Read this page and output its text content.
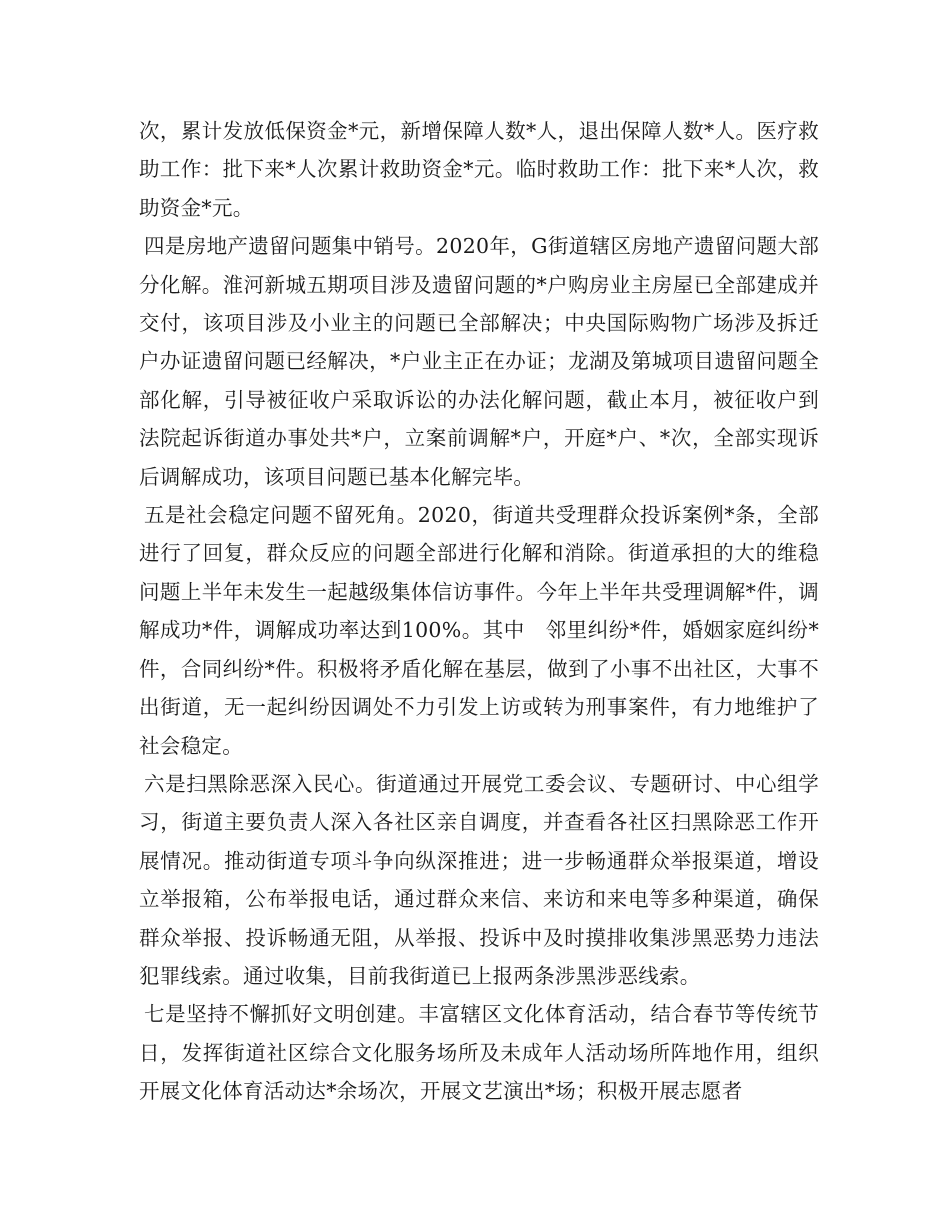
次，累计发放低保资金*元，新增保障人数*人，退出保障人数*人。医疗救助工作：批下来*人次累计救助资金*元。临时救助工作：批下来*人次，救助资金*元。

四是房地产遗留问题集中销号。2020年，G街道辖区房地产遗留问题大部分化解。淮河新城五期项目涉及遗留问题的*户购房业主房屋已全部建成并交付，该项目涉及小业主的问题已全部解决；中央国际购物广场涉及拆迁户办证遗留问题已经解决，*户业主正在办证；龙湖及第城项目遗留问题全部化解，引导被征收户采取诉讼的办法化解问题，截止本月，被征收户到法院起诉街道办事处共*户，立案前调解*户，开庭*户、*次，全部实现诉后调解成功，该项目问题已基本化解完毕。

五是社会稳定问题不留死角。2020，街道共受理群众投诉案例*条，全部进行了回复，群众反应的问题全部进行化解和消除。街道承担的大的维稳问题上半年未发生一起越级集体信访事件。今年上半年共受理调解*件，调解成功*件，调解成功率达到100%。其中　邻里纠纷*件，婚姻家庭纠纷*件，合同纠纷*件。积极将矛盾化解在基层，做到了小事不出社区，大事不出街道，无一起纠纷因调处不力引发上访或转为刑事案件，有力地维护了社会稳定。

六是扫黑除恶深入民心。街道通过开展党工委会议、专题研讨、中心组学习，街道主要负责人深入各社区亲自调度，并查看各社区扫黑除恶工作开展情况。推动街道专项斗争向纵深推进；进一步畅通群众举报渠道，增设立举报箱，公布举报电话，通过群众来信、来访和来电等多种渠道，确保群众举报、投诉畅通无阻，从举报、投诉中及时摸排收集涉黑恶势力违法犯罪线索。通过收集，目前我街道已上报两条涉黑涉恶线索。

七是坚持不懈抓好文明创建。丰富辖区文化体育活动，结合春节等传统节日，发挥街道社区综合文化服务场所及未成年人活动场所阵地作用，组织开展文化体育活动达*余场次，开展文艺演出*场；积极开展志愿者
